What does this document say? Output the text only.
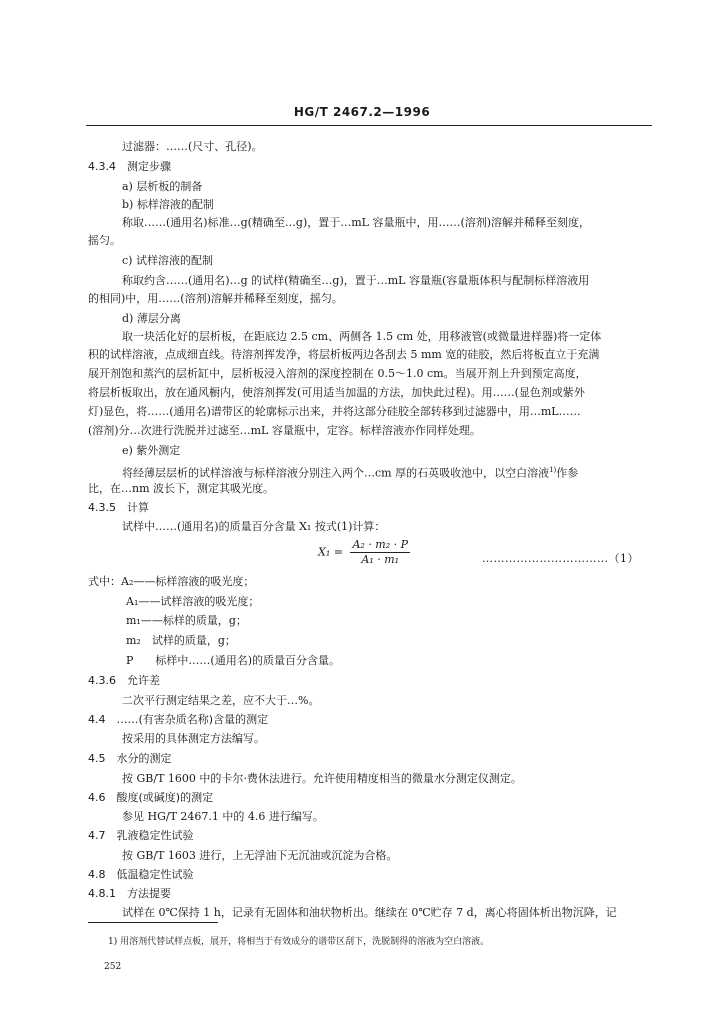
HG/T 2467.2—1996
过滤器：……(尺寸、孔径)。
4.3.4　测定步骤
a) 层析板的制备
b) 标样溶液的配制
称取……(通用名)标准…g(精确至…g)，置于…mL 容量瓶中，用……(溶剂)溶解并稀释至刻度，
摇匀。
c) 试样溶液的配制
称取约含……(通用名)…g 的试样(精确至…g)，置于…mL 容量瓶(容量瓶体积与配制标样溶液用
的相同)中，用……(溶剂)溶解并稀释至刻度，摇匀。
d) 薄层分离
取一块活化好的层析板，在距底边 2.5 cm、两侧各 1.5 cm 处，用移液管(或微量进样器)将一定体
积的试样溶液，点成细直线。待溶剂挥发净，将层析板两边各刮去 5 mm 宽的硅胶，然后将板直立于充满
展开剂饱和蒸汽的层析缸中，层析板浸入溶剂的深度控制在 0.5～1.0 cm。当展开剂上升到预定高度，
将层析板取出，放在通风橱内，使溶剂挥发(可用适当加温的方法，加快此过程)。用……(显色剂或紫外
灯)显色，将……(通用名)谱带区的轮廓标示出来，并将这部分硅胶全部转移到过滤器中，用…mL……
(溶剂)分…次进行洗脱并过滤至…mL 容量瓶中，定容。标样溶液亦作同样处理。
e) 紫外测定
将经薄层层析的试样溶液与标样溶液分别注入两个…cm 厚的石英吸收池中，以空白溶液$^{1)}$作参
比，在…nm 波长下，测定其吸光度。
4.3.5　计算
试样中……(通用名)的质量百分含量 X₁ 按式(1)计算：
$X_1 = \frac{\text{A₂ · m₂ · P}}{\text{A₁ · m₁}}$	……………………………（1）
式中：A₂——标样溶液的吸光度；
A₁——试样溶液的吸光度；
m₁——标样的质量，g；
m₂　试样的质量，g；
P　　标样中……(通用名)的质量百分含量。
4.3.6　允许差
二次平行测定结果之差，应不大于…%。
4.4　……(有害杂质名称)含量的测定
按采用的具体测定方法编写。
4.5　水分的测定
按 GB/T 1600 中的卡尔·费休法进行。允许使用精度相当的微量水分测定仪测定。
4.6　酸度(或碱度)的测定
参见 HG/T 2467.1 中的 4.6 进行编写。
4.7　乳液稳定性试验
按 GB/T 1603 进行，上无浮油下无沉油或沉淀为合格。
4.8　低温稳定性试验
4.8.1　方法提要
试样在 0℃保持 1 h，记录有无固体和油状物析出。继续在 0℃贮存 7 d，离心将固体析出物沉降，记
1) 用溶剂代替试样点板，展开，将相当于有效成分的谱带区刮下，洗脱制得的溶液为空白溶液。
252
